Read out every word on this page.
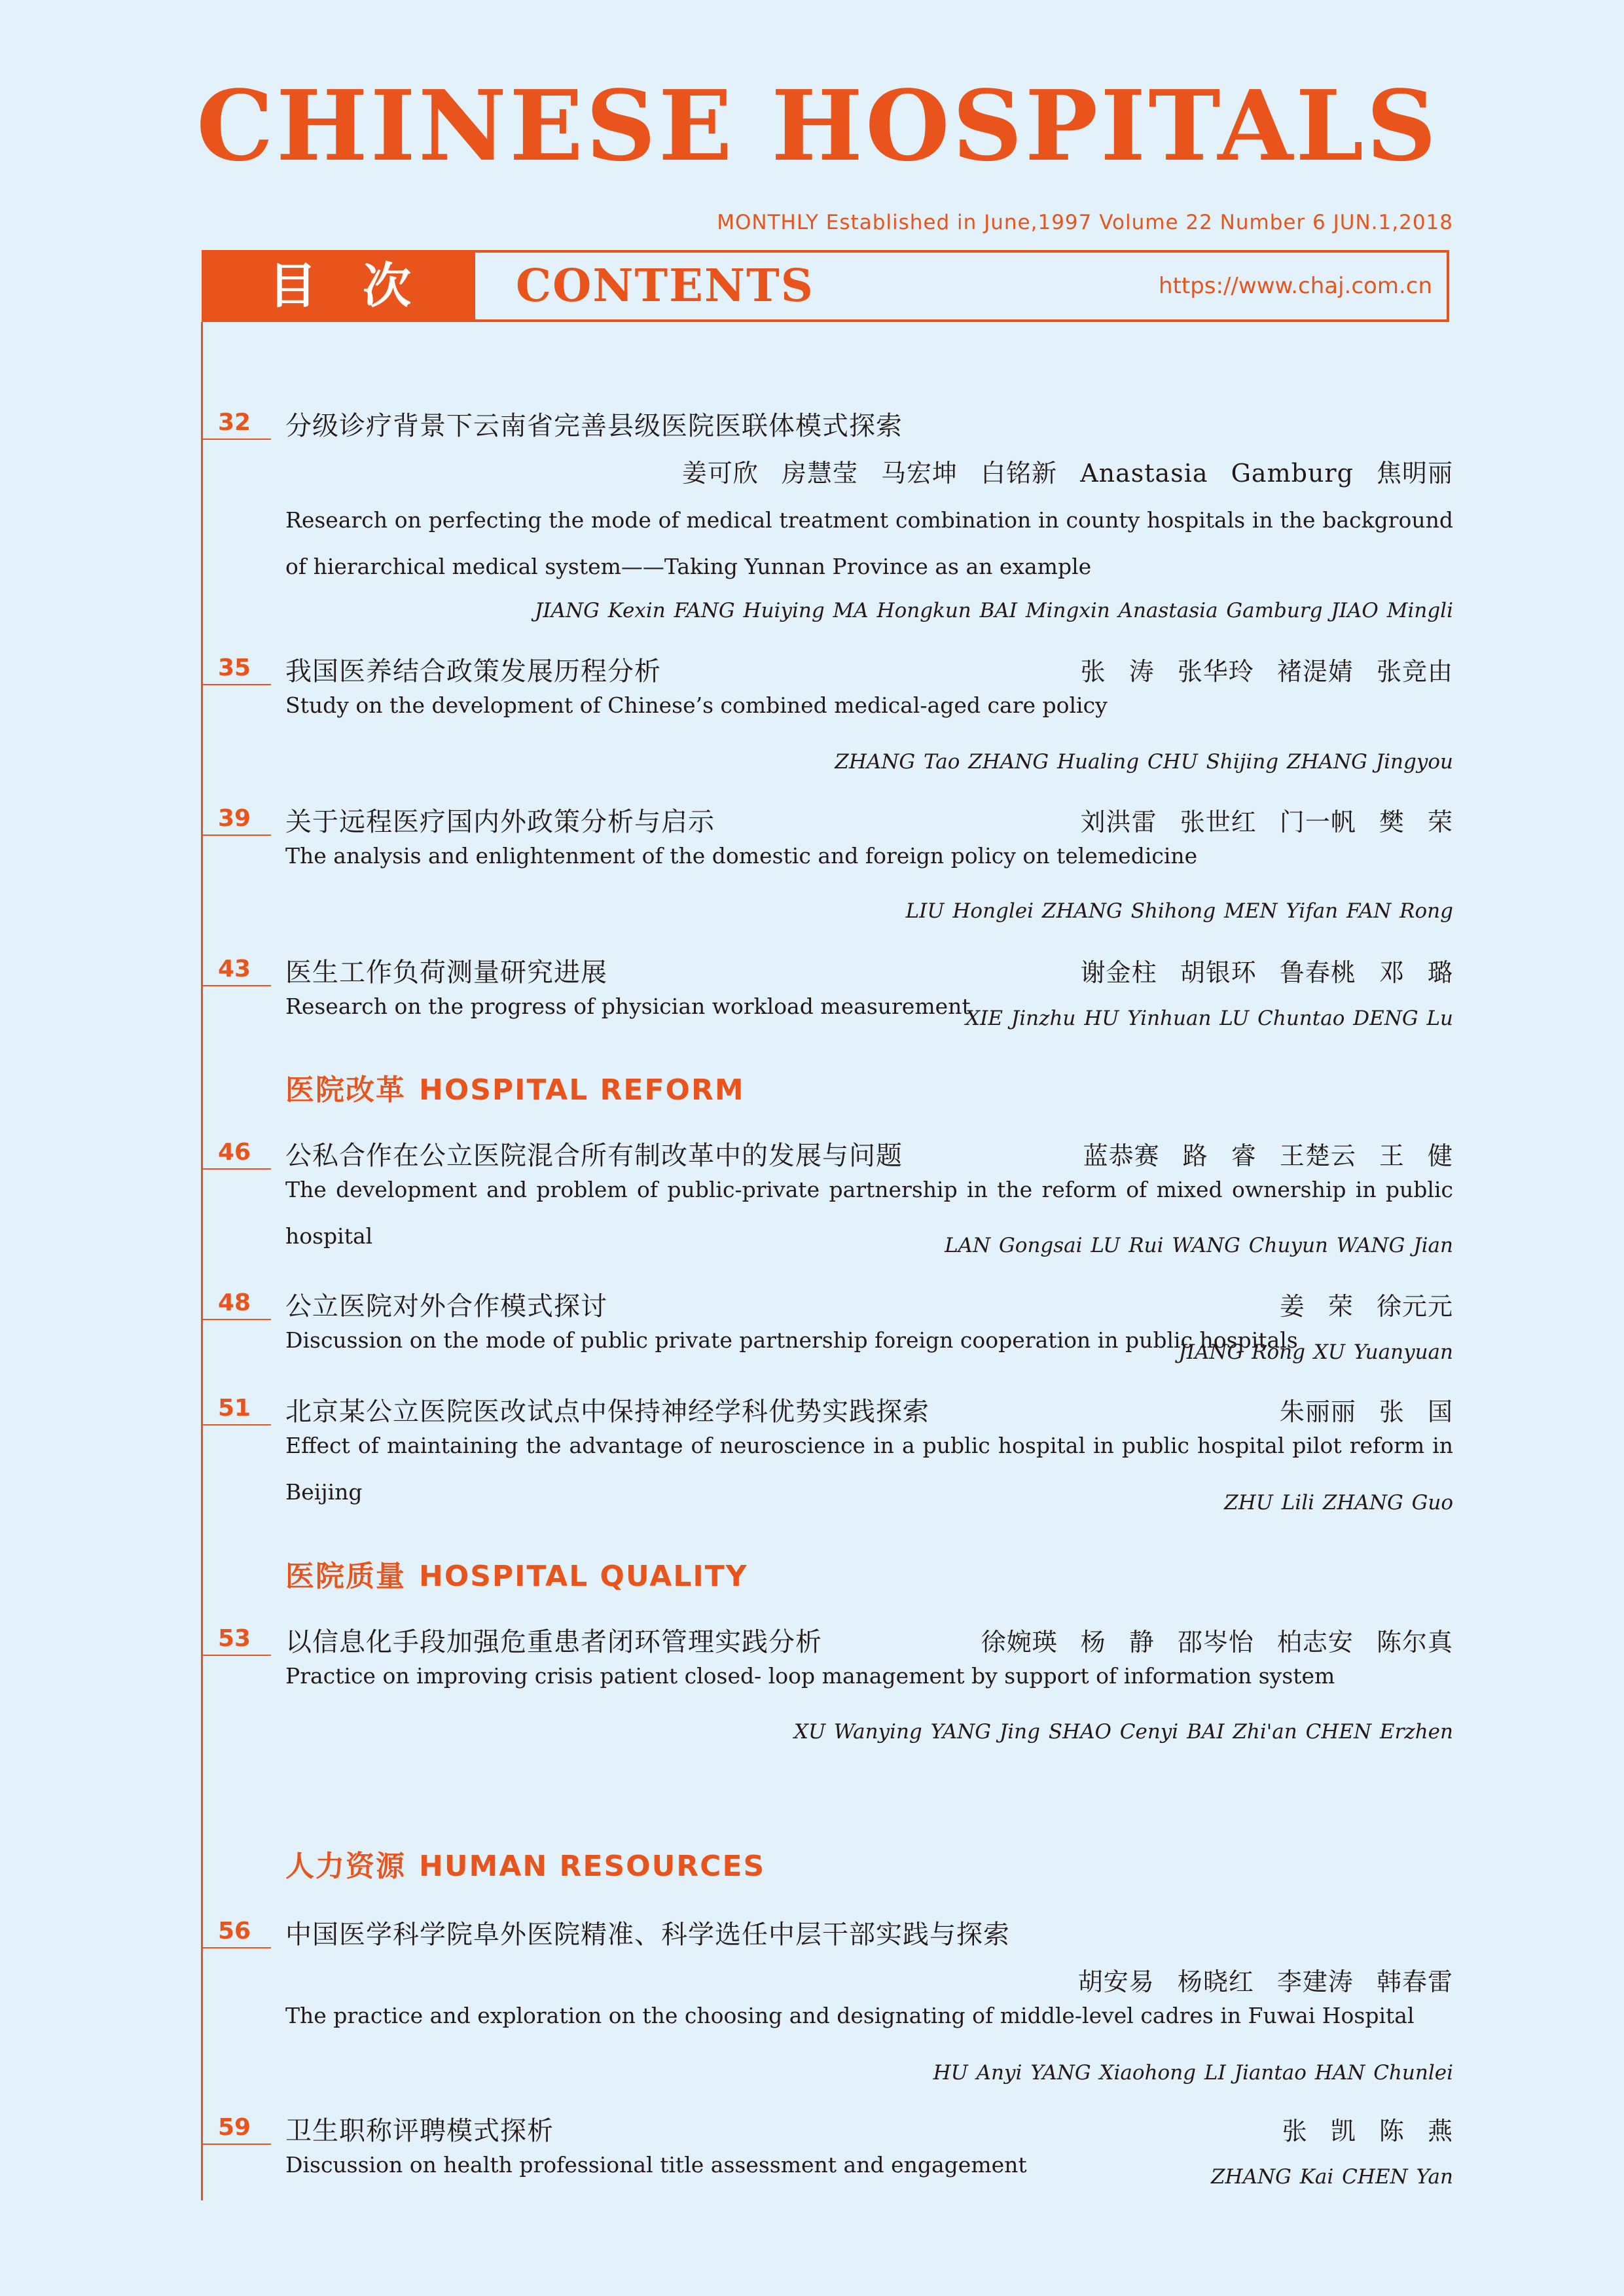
CHINESE HOSPITALS
MONTHLY Established in June,1997 Volume 22 Number 6 JUN.1,2018
目次	CONTENTS	https://www.chaj.com.cn
32 分级诊疗背景下云南省完善县级医院医联体模式探索
姜可欣 房慧莹 马宏坤 白铭新 Anastasia Gamburg 焦明丽
Research on perfecting the mode of medical treatment combination in county hospitals in the background of hierarchical medical system——Taking Yunnan Province as an example
JIANG Kexin FANG Huiying MA Hongkun BAI Mingxin Anastasia Gamburg JIAO Mingli
35 我国医养结合政策发展历程分析	张 涛 张华玲 褚湜婧 张竞由
Study on the development of Chinese’s combined medical-aged care policy
ZHANG Tao ZHANG Hualing CHU Shijing ZHANG Jingyou
39 关于远程医疗国内外政策分析与启示	刘洪雷 张世红 门一帆 樊 荣
The analysis and enlightenment of the domestic and foreign policy on telemedicine
LIU Honglei ZHANG Shihong MEN Yifan FAN Rong
43 医生工作负荷测量研究进展	谢金柱 胡银环 鲁春桃 邓 璐
Research on the progress of physician workload measurement
XIE Jinzhu HU Yinhuan LU Chuntao DENG Lu
医院改革 HOSPITAL REFORM
46 公私合作在公立医院混合所有制改革中的发展与问题	蓝恭赛 路 睿 王楚云 王 健
The development and problem of public-private partnership in the reform of mixed ownership in public hospital	LAN Gongsai LU Rui WANG Chuyun WANG Jian
48 公立医院对外合作模式探讨	姜 荣 徐元元
Discussion on the mode of public private partnership foreign cooperation in public hospitals
JIANG Rong XU Yuanyuan
51 北京某公立医院医改试点中保持神经学科优势实践探索	朱丽丽 张 国
Effect of maintaining the advantage of neuroscience in a public hospital in public hospital pilot reform in Beijing	ZHU Lili ZHANG Guo
医院质量 HOSPITAL QUALITY
53 以信息化手段加强危重患者闭环管理实践分析	徐婉瑛 杨 静 邵岑怡 柏志安 陈尔真
Practice on improving crisis patient closed- loop management by support of information system
XU Wanying YANG Jing SHAO Cenyi BAI Zhi'an CHEN Erzhen
人力资源 HUMAN RESOURCES
56 中国医学科学院阜外医院精准、科学选任中层干部实践与探索
胡安易 杨晓红 李建涛 韩春雷
The practice and exploration on the choosing and designating of middle-level cadres in Fuwai Hospital
HU Anyi YANG Xiaohong LI Jiantao HAN Chunlei
59 卫生职称评聘模式探析	张 凯 陈 燕
Discussion on health professional title assessment and engagement	ZHANG Kai CHEN Yan
